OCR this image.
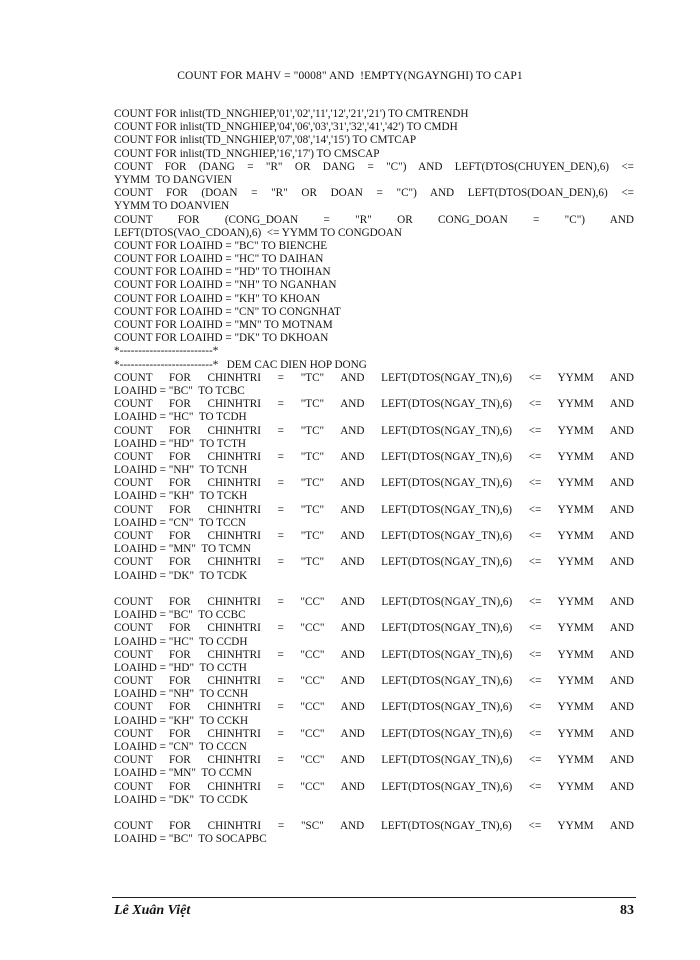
COUNT FOR MAHV = "0008" AND  !EMPTY(NGAYNGHI) TO CAP1
COUNT FOR inlist(TD_NNGHIEP,'01','02','11','12','21','21') TO CMTRENDH
COUNT FOR inlist(TD_NNGHIEP,'04','06','03','31','32','41','42') TO CMDH
COUNT FOR inlist(TD_NNGHIEP,'07','08','14','15') TO CMTCAP
COUNT FOR inlist(TD_NNGHIEP,'16','17') TO CMSCAP
COUNT FOR (DANG = "R" OR DANG = "C") AND LEFT(DTOS(CHUYEN_DEN),6) <=
YYMM  TO DANGVIEN
COUNT FOR (DOAN = "R" OR DOAN = "C") AND LEFT(DTOS(DOAN_DEN),6) <=
YYMM TO DOANVIEN
COUNT FOR (CONG_DOAN = "R" OR CONG_DOAN = "C") AND
LEFT(DTOS(VAO_CDOAN),6)  <= YYMM TO CONGDOAN
COUNT FOR LOAIHD = "BC" TO BIENCHE
COUNT FOR LOAIHD = "HC" TO DAIHAN
COUNT FOR LOAIHD = "HD" TO THOIHAN
COUNT FOR LOAIHD = "NH" TO NGANHAN
COUNT FOR LOAIHD = "KH" TO KHOAN
COUNT FOR LOAIHD = "CN" TO CONGNHAT
COUNT FOR LOAIHD = "MN" TO MOTNAM
COUNT FOR LOAIHD = "DK" TO DKHOAN
*-------------------------*
*-------------------------*   DEM CAC DIEN HOP DONG
COUNT FOR CHINHTRI = "TC" AND LEFT(DTOS(NGAY_TN),6) <= YYMM AND
LOAIHD = "BC"  TO TCBC
COUNT FOR CHINHTRI = "TC" AND LEFT(DTOS(NGAY_TN),6) <= YYMM AND
LOAIHD = "HC"  TO TCDH
COUNT FOR CHINHTRI = "TC" AND LEFT(DTOS(NGAY_TN),6) <= YYMM AND
LOAIHD = "HD"  TO TCTH
COUNT FOR CHINHTRI = "TC" AND LEFT(DTOS(NGAY_TN),6) <= YYMM AND
LOAIHD = "NH"  TO TCNH
COUNT FOR CHINHTRI = "TC" AND LEFT(DTOS(NGAY_TN),6) <= YYMM AND
LOAIHD = "KH"  TO TCKH
COUNT FOR CHINHTRI = "TC" AND LEFT(DTOS(NGAY_TN),6) <= YYMM AND
LOAIHD = "CN"  TO TCCN
COUNT FOR CHINHTRI = "TC" AND LEFT(DTOS(NGAY_TN),6) <= YYMM AND
LOAIHD = "MN"  TO TCMN
COUNT FOR CHINHTRI = "TC" AND LEFT(DTOS(NGAY_TN),6) <= YYMM AND
LOAIHD = "DK"  TO TCDK
COUNT FOR CHINHTRI = "CC" AND LEFT(DTOS(NGAY_TN),6) <= YYMM AND
LOAIHD = "BC"  TO CCBC
COUNT FOR CHINHTRI = "CC" AND LEFT(DTOS(NGAY_TN),6) <= YYMM AND
LOAIHD = "HC"  TO CCDH
COUNT FOR CHINHTRI = "CC" AND LEFT(DTOS(NGAY_TN),6) <= YYMM AND
LOAIHD = "HD"  TO CCTH
COUNT FOR CHINHTRI = "CC" AND LEFT(DTOS(NGAY_TN),6) <= YYMM AND
LOAIHD = "NH"  TO CCNH
COUNT FOR CHINHTRI = "CC" AND LEFT(DTOS(NGAY_TN),6) <= YYMM AND
LOAIHD = "KH"  TO CCKH
COUNT FOR CHINHTRI = "CC" AND LEFT(DTOS(NGAY_TN),6) <= YYMM AND
LOAIHD = "CN"  TO CCCN
COUNT FOR CHINHTRI = "CC" AND LEFT(DTOS(NGAY_TN),6) <= YYMM AND
LOAIHD = "MN"  TO CCMN
COUNT FOR CHINHTRI = "CC" AND LEFT(DTOS(NGAY_TN),6) <= YYMM AND
LOAIHD = "DK"  TO CCDK
COUNT FOR CHINHTRI = "SC" AND LEFT(DTOS(NGAY_TN),6) <= YYMM AND
LOAIHD = "BC"  TO SOCAPBC
Lê Xuân Việt	83
